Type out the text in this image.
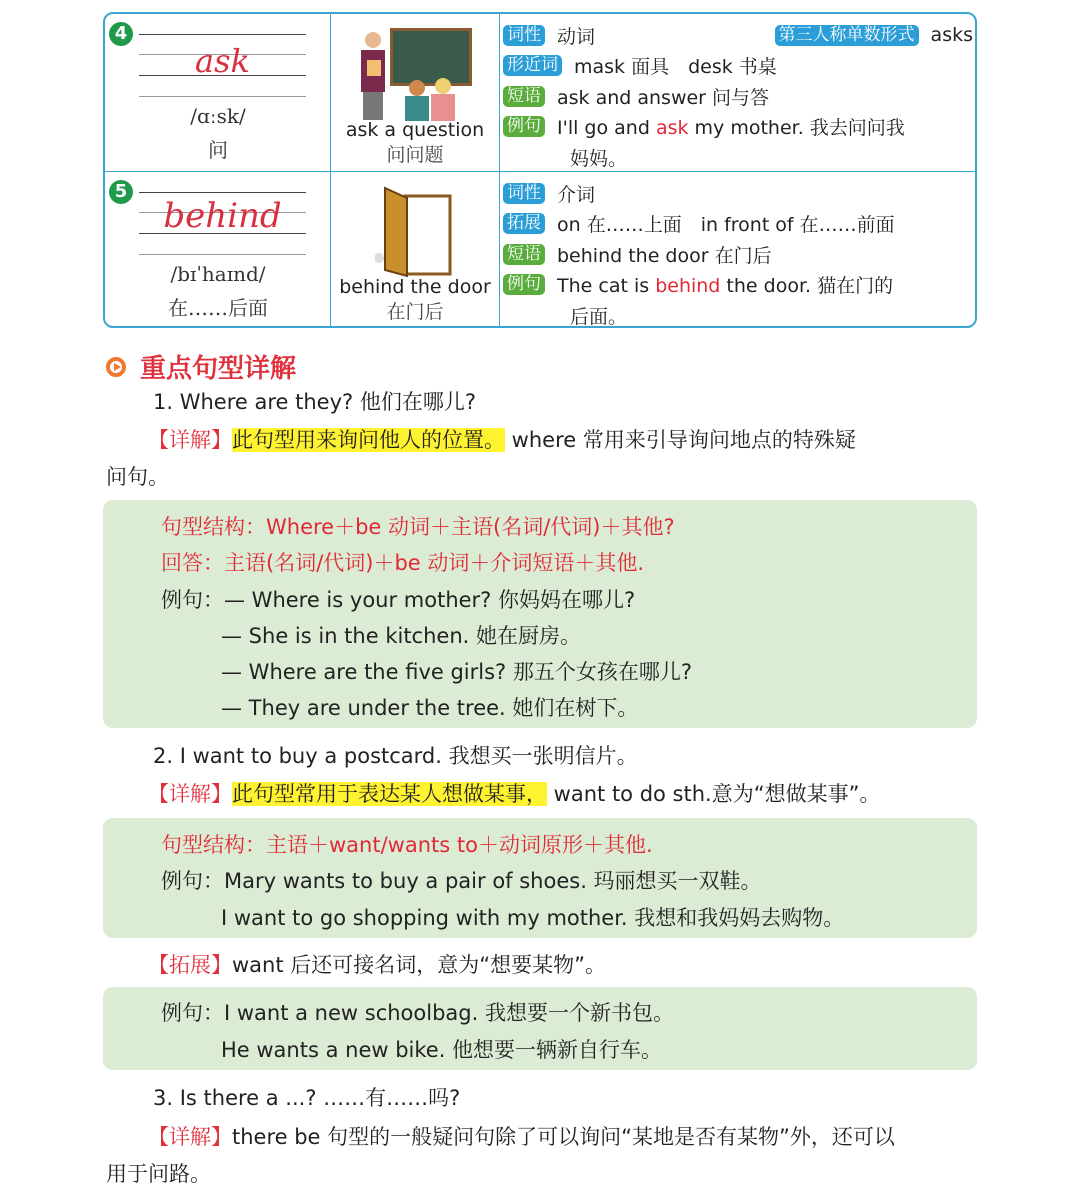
4
ask
/ɑːsk/
问
ask a question
问问题
词性 动词	第三人称单数形式 asks
形近词 mask 面具　desk 书桌
短语 ask and answer 问与答
例句 I'll go and ask my mother. 我去问问我
妈妈。
5
behind
/bɪˈhaɪnd/
在……后面
behind the door
在门后
词性 介词
拓展 on 在……上面　in front of 在……前面
短语 behind the door 在门后
例句 The cat is behind the door. 猫在门的
后面。
重点句型详解
1. Where are they? 他们在哪儿?
【详解】此句型用来询问他人的位置。 where 常用来引导询问地点的特殊疑
问句。
句型结构：Where＋be 动词＋主语(名词/代词)＋其他?
回答：主语(名词/代词)＋be 动词＋介词短语＋其他.
例句：— Where is your mother? 你妈妈在哪儿?
— She is in the kitchen. 她在厨房。
— Where are the five girls? 那五个女孩在哪儿?
— They are under the tree. 她们在树下。
2. I want to buy a postcard. 我想买一张明信片。
【详解】此句型常用于表达某人想做某事， want to do sth.意为“想做某事”。
句型结构：主语＋want/wants to＋动词原形＋其他.
例句：Mary wants to buy a pair of shoes. 玛丽想买一双鞋。
I want to go shopping with my mother. 我想和我妈妈去购物。
【拓展】want 后还可接名词，意为“想要某物”。
例句：I want a new schoolbag. 我想要一个新书包。
He wants a new bike. 他想要一辆新自行车。
3. Is there a ...? ……有……吗?
【详解】there be 句型的一般疑问句除了可以询问“某地是否有某物”外，还可以
用于问路。
